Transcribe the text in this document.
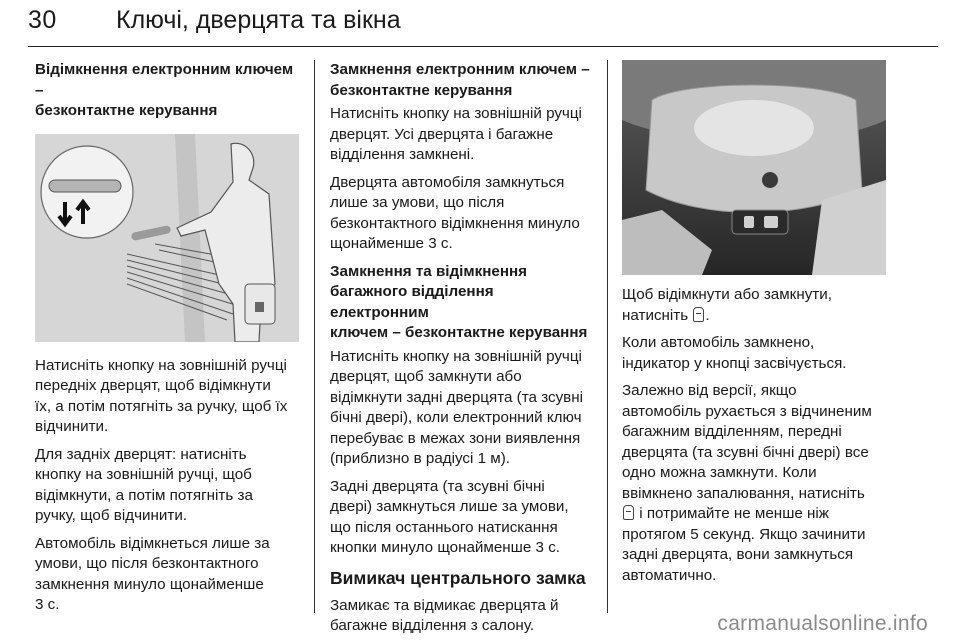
30 Ключі, дверцята та вікна
Відімкнення електронним ключем –
безконтактне керування

Натисніть кнопку на зовнішній ручці
передніх дверцят, щоб відімкнути
їх, а потім потягніть за ручку, щоб їх
відчинити.

Для задніх дверцят: натисніть
кнопку на зовнішній ручці, щоб
відімкнути, а потім потягніть за
ручку, щоб відчинити.

Автомобіль відімкнеться лише за
умови, що після безконтактного
замкнення минуло щонайменше
3 с.

Замкнення електронним ключем –
безконтактне керування

Натисніть кнопку на зовнішній ручці
дверцят. Усі дверцята і багажне
відділення замкнені.

Дверцята автомобіля замкнуться
лише за умови, що після
безконтактного відімкнення минуло
щонайменше 3 с.

Замкнення та відімкнення
багажного відділення електронним
ключем – безконтактне керування

Натисніть кнопку на зовнішній ручці
дверцят, щоб замкнути або
відімкнути задні дверцята (та зсувні
бічні двері), коли електронний ключ
перебуває в межах зони виявлення
(приблизно в радіусі 1 м).

Задні дверцята (та зсувні бічні
двері) замкнуться лише за умови,
що після останнього натискання
кнопки минуло щонайменше 3 с.

Вимикач центрального замка

Замикає та відмикає дверцята й
багажне відділення з салону.

Щоб відімкнути або замкнути,
натисніть .

Коли автомобіль замкнено,
індикатор у кнопці засвічується.

Залежно від версії, якщо
автомобіль рухається з відчиненим
багажним відділенням, передні
дверцята (та зсувні бічні двері) все
одно можна замкнути. Коли
ввімкнено запалювання, натисніть
і потримайте не менше ніж
протягом 5 секунд. Якщо зачинити
задні дверцята, вони замкнуться
автоматично.

carmanualsonline.info
